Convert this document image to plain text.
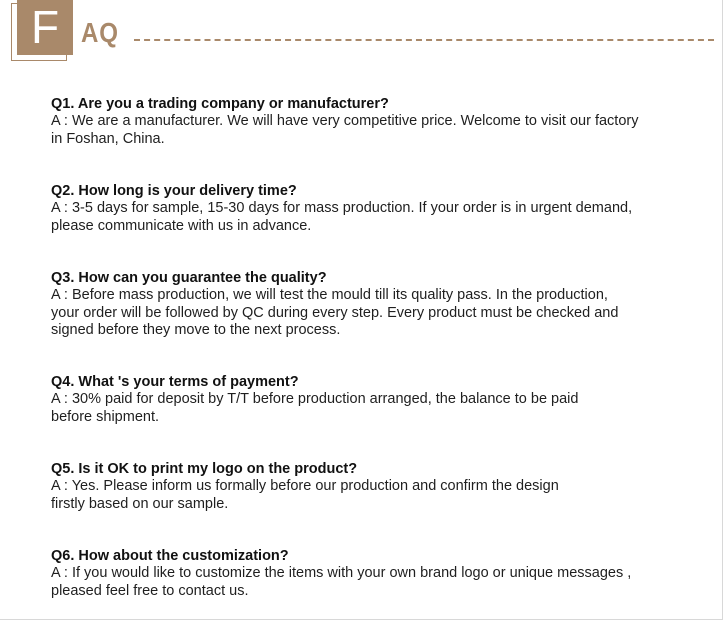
F AQ

Q1. Are you a trading company or manufacturer?

A : We are a manufacturer. We will have very competitive price. Welcome to visit our factory
in Foshan, China.

Q2. How long is your delivery time?

A : 3-5 days for sample, 15-30 days for mass production. If your order is in urgent demand,
please communicate with us in advance.

Q3. How can you guarantee the quality?

A : Before mass production, we will test the mould till its quality pass. In the production,
your order will be followed by QC during every step. Every product must be checked and
signed before they move to the next process.

Q4. What 's your terms of payment?

A : 30% paid for deposit by T/T before production arranged, the balance to be paid
before shipment.

Q5. Is it OK to print my logo on the product?

A : Yes. Please inform us formally before our production and confirm the design
firstly based on our sample.

Q6. How about the customization?

A : If you would like to customize the items with your own brand logo or unique messages ,
pleased feel free to contact us.
